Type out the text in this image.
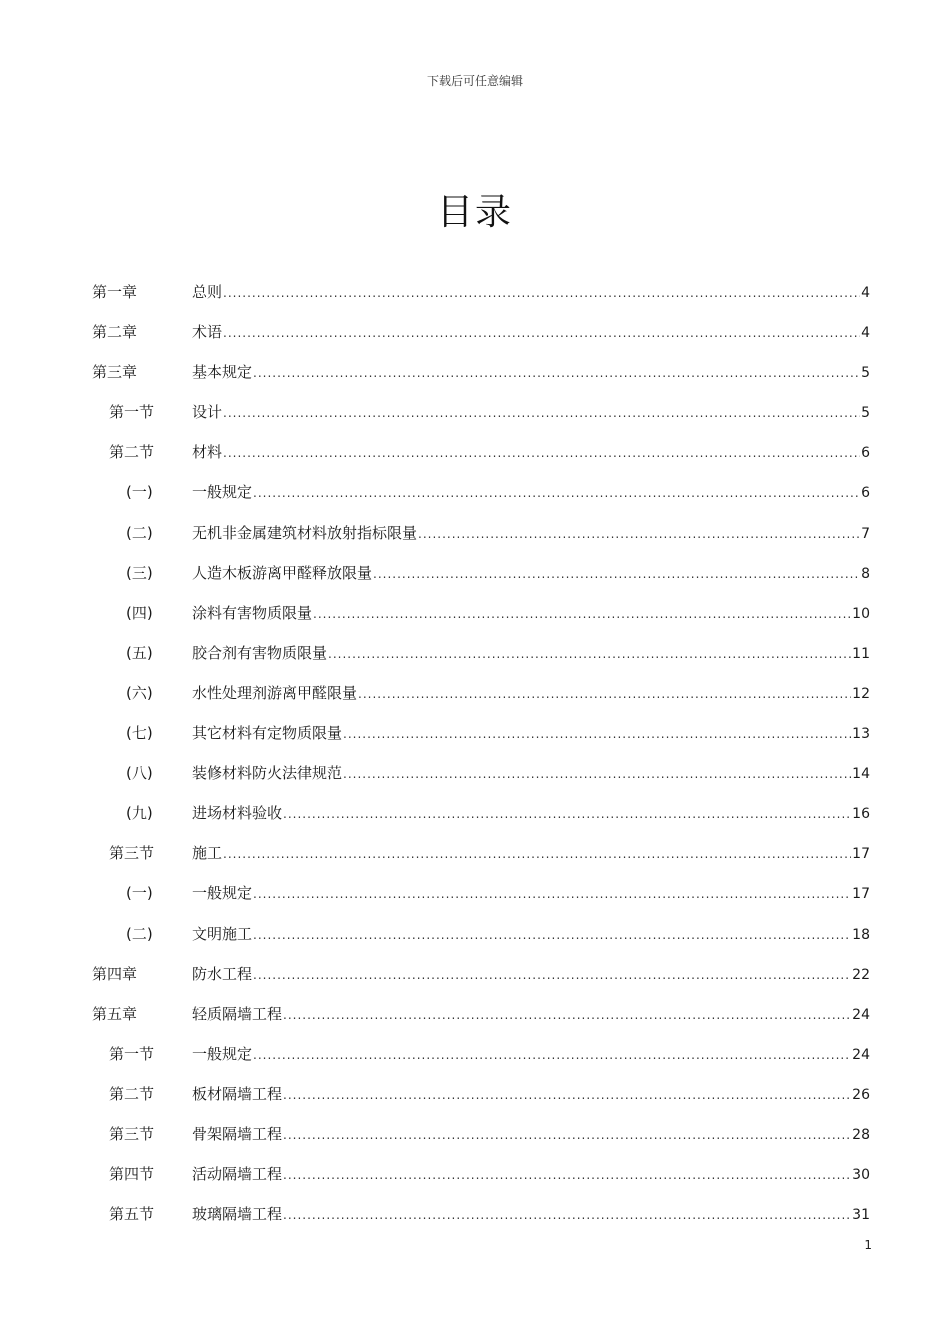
下载后可任意编辑
目录
第一章	总则 .....	4
第二章	术语 .....	4
第三章	基本规定 .....	5
第一节	设计 .....	5
第二节	材料 .....	6
(一)	一般规定 .....	6
(二)	无机非金属建筑材料放射指标限量 .....	7
(三)	人造木板游离甲醛释放限量 .....	8
(四)	涂料有害物质限量 .....	10
(五)	胶合剂有害物质限量 .....	11
(六)	水性处理剂游离甲醛限量 .....	12
(七)	其它材料有定物质限量 .....	13
(八)	装修材料防火法律规范 .....	14
(九)	进场材料验收 .....	16
第三节	施工 .....	17
(一)	一般规定 .....	17
(二)	文明施工 .....	18
第四章	防水工程 .....	22
第五章	轻质隔墙工程 .....	24
第一节	一般规定 .....	24
第二节	板材隔墙工程 .....	26
第三节	骨架隔墙工程 .....	28
第四节	活动隔墙工程 .....	30
第五节	玻璃隔墙工程 .....	31
1
